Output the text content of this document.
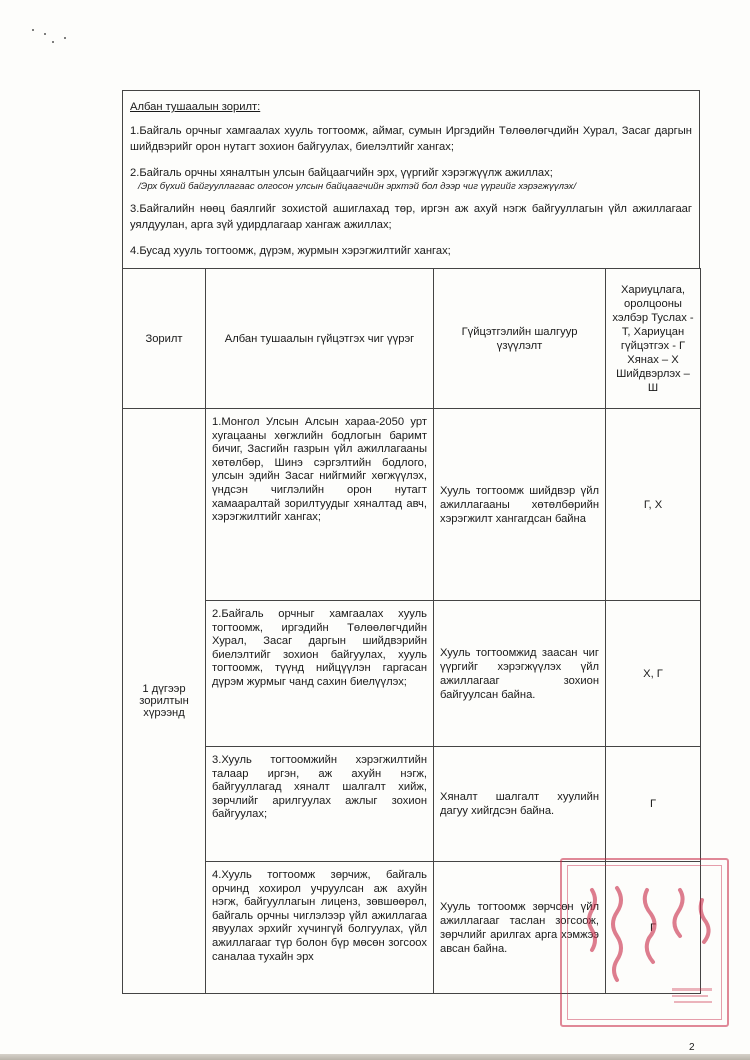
Албан тушаалын зорилт:

1.Байгаль орчныг хамгаалах хууль тогтоомж, аймаг, сумын Иргэдийн Төлөөлөгчдийн Хурал, Засаг даргын шийдвэрийг орон нутагт зохион байгуулах, биелэлтийг хангах;

2.Байгаль орчны хяналтын улсын байцаагчийн эрх, үүргийг хэрэгжүүлж ажиллах;

/Эрх бүхий байгууллагаас олгосон улсын байцаагчийн эрхтэй бол дээр чиг үүргийг хэрэгжүүлэх/

3.Байгалийн нөөц баялгийг зохистой ашиглахад төр, иргэн аж ахуй нэгж байгууллагын үйл ажиллагааг уялдуулан, арга зүй удирдлагаар хангаж ажиллах;

4.Бусад хууль тогтоомж, дүрэм, журмын хэрэгжилтийг хангах;

Зорилт	Албан тушаалын гүйцэтгэх чиг үүрэг	Гүйцэтгэлийн шалгуур үзүүлэлт	Хариуцлага, оролцооны хэлбэр Туслах - Т, Хариуцан гүйцэтгэх - Г Хянах – Х Шийдвэрлэх – Ш
1 дүгээр зорилтын хүрээнд	1.Монгол Улсын Алсын хараа-2050 урт хугацааны хөгжлийн бодлогын баримт бичиг, Засгийн газрын үйл ажиллагааны хөтөлбөр, Шинэ сэргэлтийн бодлого, улсын эдийн Засаг нийгмийг хөгжүүлэх, үндсэн чиглэлийн орон нутагт хамааралтай зорилтуудыг хяналтад авч, хэрэгжилтийг хангах;	Хууль тогтоомж шийдвэр үйл ажиллагааны хөтөлбөрийн хэрэгжилт хангагдсан байна	Г, Х
	2.Байгаль орчныг хамгаалах хууль тогтоомж, иргэдийн Төлөөлөгчдийн Хурал, Засаг даргын шийдвэрийн биелэлтийг зохион байгуулах, хууль тогтоомж, түүнд нийцүүлэн гаргасан дүрэм журмыг чанд сахин биелүүлэх;	Хууль тогтоомжид заасан чиг үүргийг хэрэгжүүлэх үйл ажиллагааг зохион байгуулсан байна.	Х, Г
	3.Хууль тогтоомжийн хэрэгжилтийн талаар иргэн, аж ахуйн нэгж, байгууллагад хяналт шалгалт хийж, зөрчлийг арилгуулах ажлыг зохион байгуулах;	Хяналт шалгалт хуулийн дагуу хийгдсэн байна.	Г
	4.Хууль тогтоомж зөрчиж, байгаль орчинд хохирол учруулсан аж ахуйн нэгж, байгууллагын лиценз, зөвшөөрөл, байгаль орчны чиглэлээр үйл ажиллагаа явуулах эрхийг хүчингүй болгуулах, үйл ажиллагааг түр болон бүр мөсөн зогсоох саналаа тухайн эрх	Хууль тогтоомж зөрчсөн үйл ажиллагааг таслан зогсоож, зөрчлийг арилгах арга хэмжээ авсан байна.	Г
2
